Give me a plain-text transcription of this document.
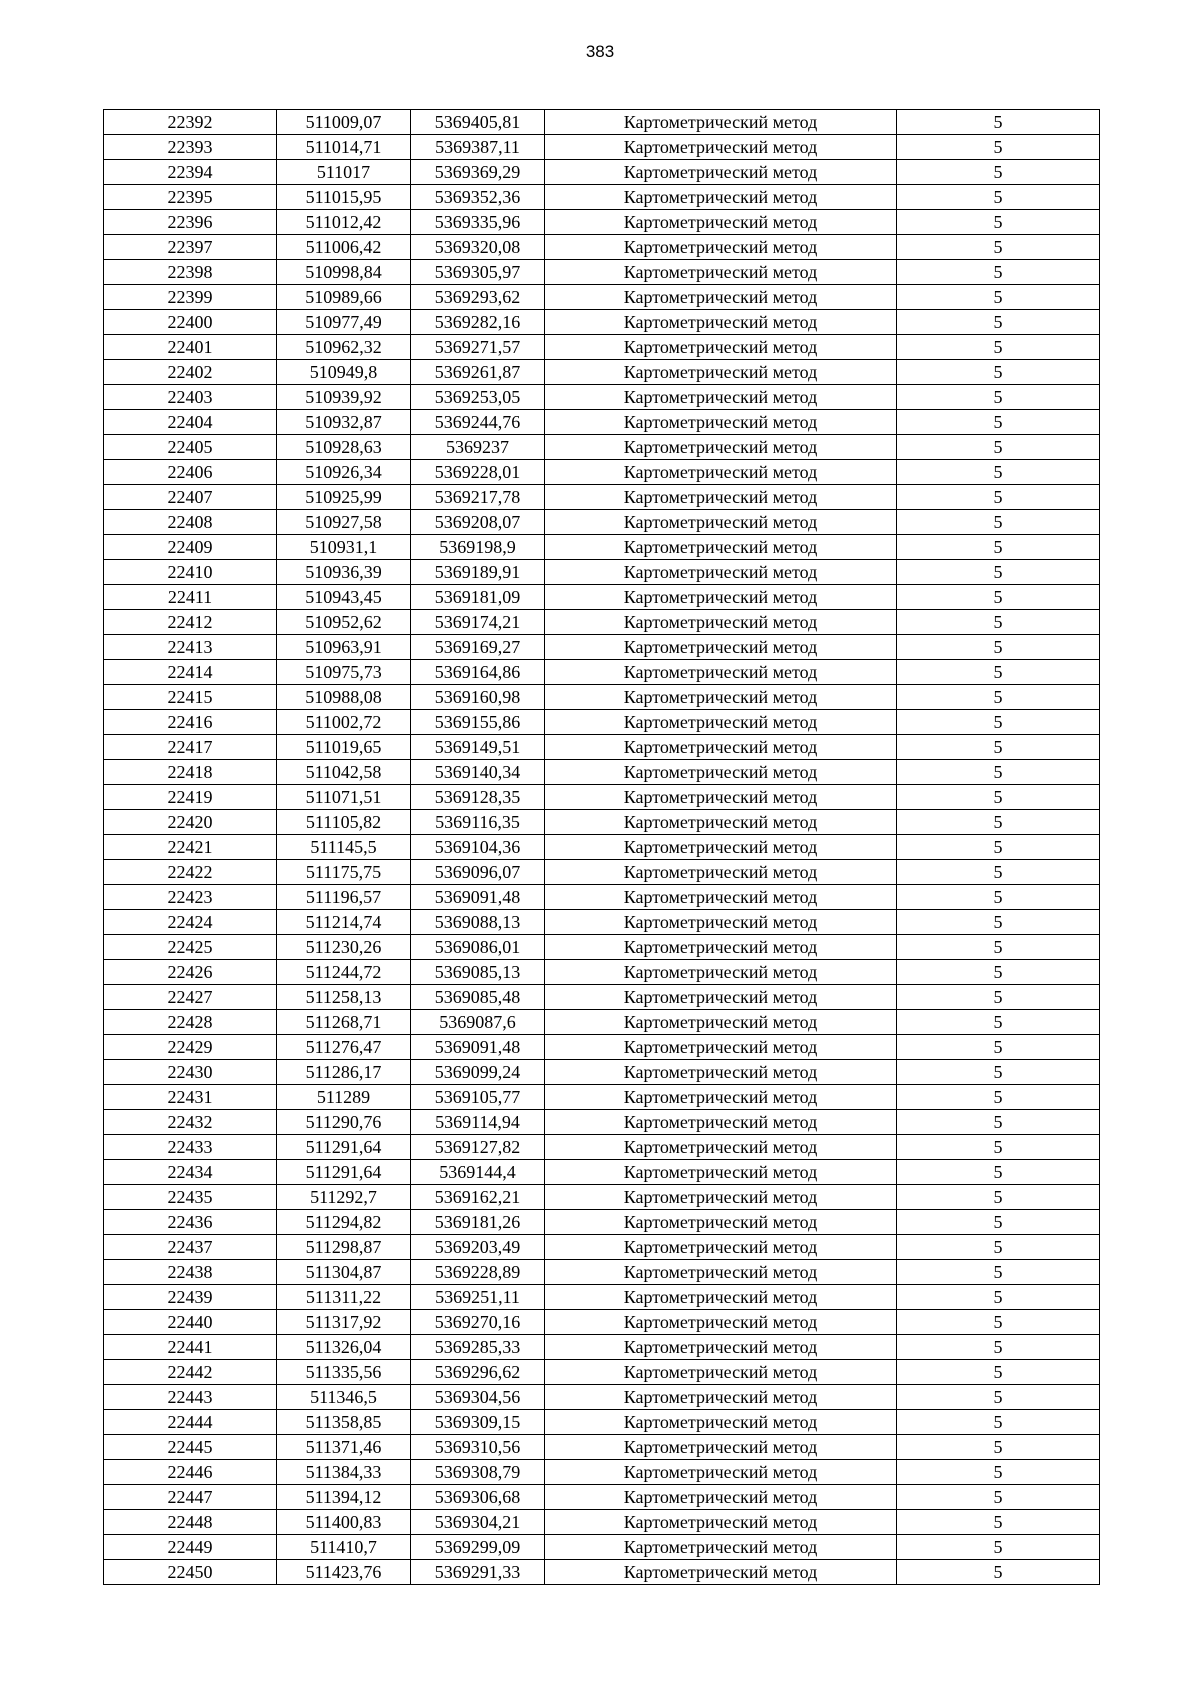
383
22392	511009,07	5369405,81	Картометрический метод	5
22393	511014,71	5369387,11	Картометрический метод	5
22394	511017	5369369,29	Картометрический метод	5
22395	511015,95	5369352,36	Картометрический метод	5
22396	511012,42	5369335,96	Картометрический метод	5
22397	511006,42	5369320,08	Картометрический метод	5
22398	510998,84	5369305,97	Картометрический метод	5
22399	510989,66	5369293,62	Картометрический метод	5
22400	510977,49	5369282,16	Картометрический метод	5
22401	510962,32	5369271,57	Картометрический метод	5
22402	510949,8	5369261,87	Картометрический метод	5
22403	510939,92	5369253,05	Картометрический метод	5
22404	510932,87	5369244,76	Картометрический метод	5
22405	510928,63	5369237	Картометрический метод	5
22406	510926,34	5369228,01	Картометрический метод	5
22407	510925,99	5369217,78	Картометрический метод	5
22408	510927,58	5369208,07	Картометрический метод	5
22409	510931,1	5369198,9	Картометрический метод	5
22410	510936,39	5369189,91	Картометрический метод	5
22411	510943,45	5369181,09	Картометрический метод	5
22412	510952,62	5369174,21	Картометрический метод	5
22413	510963,91	5369169,27	Картометрический метод	5
22414	510975,73	5369164,86	Картометрический метод	5
22415	510988,08	5369160,98	Картометрический метод	5
22416	511002,72	5369155,86	Картометрический метод	5
22417	511019,65	5369149,51	Картометрический метод	5
22418	511042,58	5369140,34	Картометрический метод	5
22419	511071,51	5369128,35	Картометрический метод	5
22420	511105,82	5369116,35	Картометрический метод	5
22421	511145,5	5369104,36	Картометрический метод	5
22422	511175,75	5369096,07	Картометрический метод	5
22423	511196,57	5369091,48	Картометрический метод	5
22424	511214,74	5369088,13	Картометрический метод	5
22425	511230,26	5369086,01	Картометрический метод	5
22426	511244,72	5369085,13	Картометрический метод	5
22427	511258,13	5369085,48	Картометрический метод	5
22428	511268,71	5369087,6	Картометрический метод	5
22429	511276,47	5369091,48	Картометрический метод	5
22430	511286,17	5369099,24	Картометрический метод	5
22431	511289	5369105,77	Картометрический метод	5
22432	511290,76	5369114,94	Картометрический метод	5
22433	511291,64	5369127,82	Картометрический метод	5
22434	511291,64	5369144,4	Картометрический метод	5
22435	511292,7	5369162,21	Картометрический метод	5
22436	511294,82	5369181,26	Картометрический метод	5
22437	511298,87	5369203,49	Картометрический метод	5
22438	511304,87	5369228,89	Картометрический метод	5
22439	511311,22	5369251,11	Картометрический метод	5
22440	511317,92	5369270,16	Картометрический метод	5
22441	511326,04	5369285,33	Картометрический метод	5
22442	511335,56	5369296,62	Картометрический метод	5
22443	511346,5	5369304,56	Картометрический метод	5
22444	511358,85	5369309,15	Картометрический метод	5
22445	511371,46	5369310,56	Картометрический метод	5
22446	511384,33	5369308,79	Картометрический метод	5
22447	511394,12	5369306,68	Картометрический метод	5
22448	511400,83	5369304,21	Картометрический метод	5
22449	511410,7	5369299,09	Картометрический метод	5
22450	511423,76	5369291,33	Картометрический метод	5
